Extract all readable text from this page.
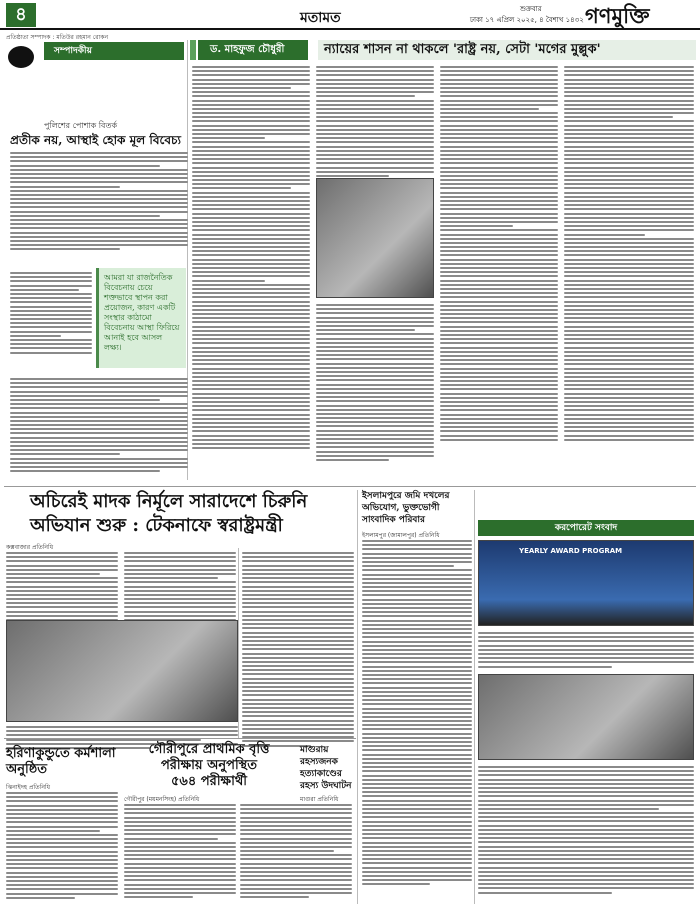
৪	মতামত
শুক্রবার
ঢাকা ১৭ এপ্রিল ২০২৫, ৪ বৈশাখ ১৪৩২ গণমুক্তি
প্রতিষ্ঠাতা সম্পাদক : মতিউর রহমান রোকন
সম্পাদকীয়
পুলিশের পোশাক বিতর্ক
প্রতীক নয়, আস্থাই হোক মূল বিবেচ্য
আমরা যা রাজনৈতিক বিবেচনায় চেয়ে শক্তভাবে স্থাপন করা প্রয়োজন, কারণ একটি সংস্থার কাঠামো বিবেচনায় আস্থা ফিরিয়ে আনাই হবে আসল লক্ষ্য।
ড. মাহফুজ চৌধুরী	ন্যায়ের শাসন না থাকলে 'রাষ্ট্র নয়, সেটা 'মগের মুল্লুক'
অচিরেই মাদক নির্মূলে সারাদেশে চিরুনি
অভিযান শুরু : টেকনাফে স্বরাষ্ট্রমন্ত্রী
কক্সবাজার প্রতিনিধি
ইসলামপুরে জমি দখলের অভিযোগ, ভুক্তভোগী সাংবাদিক পরিবার
ইসলামপুর (জামালপুর) প্রতিনিধি
করপোরেট সংবাদ
YEARLY AWARD PROGRAM
হরিণাকুন্ডুতে কর্মশালা অনুষ্ঠিত
ঝিনাইদহ প্রতিনিধি
গৌরীপুরে প্রাথমিক বৃত্তি
পরীক্ষায় অনুপস্থিত
৫৬৪ পরীক্ষার্থী
গৌরীপুর (ময়মনসিংহ) প্রতিনিধি
মাগুরায় রহস্যজনক হত্যাকাণ্ডের রহস্য উদঘাটন
মাগুরা প্রতিনিধি
